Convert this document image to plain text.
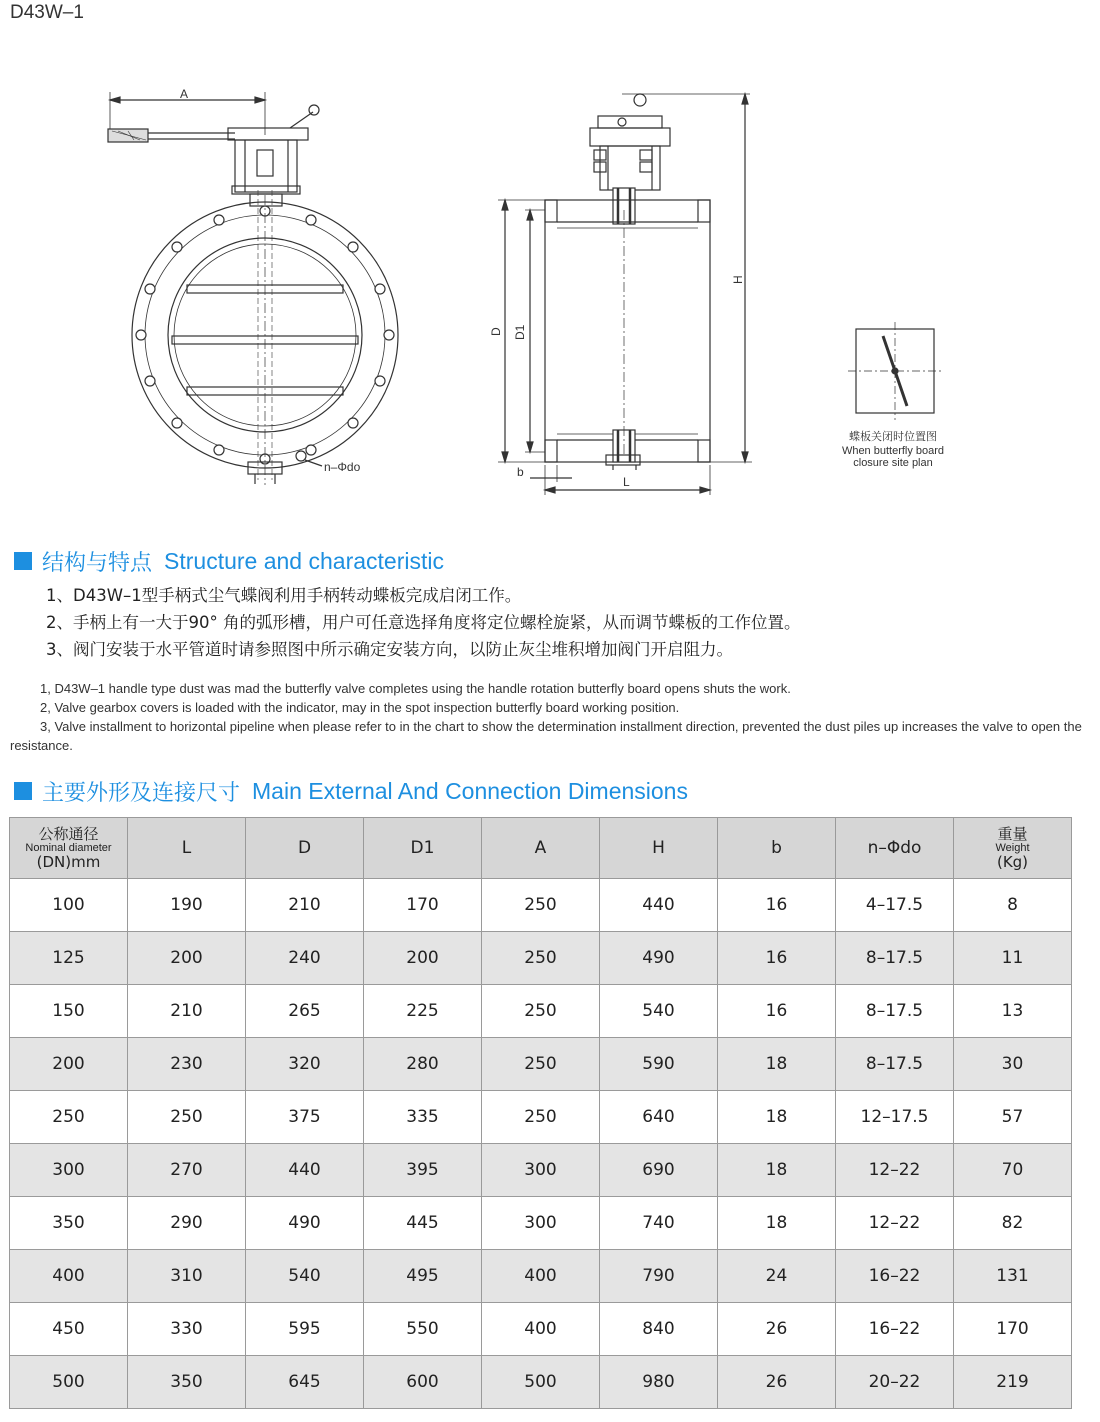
D43W–1
A
n–Φdo
D D1
H
b
L
蝶板关闭时位置图
When butterfly board
closure site plan
结构与特点 Structure and characteristic
1、D43W–1型手柄式尘气蝶阀利用手柄转动蝶板完成启闭工作。
2、手柄上有一大于90° 角的弧形槽，用户可任意选择角度将定位螺栓旋紧，从而调节蝶板的工作位置。
3、阀门安装于水平管道时请参照图中所示确定安装方向，以防止灰尘堆积增加阀门开启阻力。
1, D43W–1 handle type dust was mad the butterfly valve completes using the handle rotation butterfly board opens shuts the work.
2, Valve gearbox covers is loaded with the indicator, may in the spot inspection butterfly board working position.
3, Valve installment to horizontal pipeline when please refer to in the chart to show the determination installment direction, prevented the dust piles up increases the valve to open the resistance.
主要外形及连接尺寸 Main External And Connection Dimensions
公称通径
Nominal diameter
(DN)mm	L	D	D1	A	H	b	n–Φdo	重量
Weight
(Kg)

100	190	210	170	250	440	16	4–17.5	8
125	200	240	200	250	490	16	8–17.5	11
150	210	265	225	250	540	16	8–17.5	13
200	230	320	280	250	590	18	8–17.5	30
250	250	375	335	250	640	18	12–17.5	57
300	270	440	395	300	690	18	12–22	70
350	290	490	445	300	740	18	12–22	82
400	310	540	495	400	790	24	16–22	131
450	330	595	550	400	840	26	16–22	170
500	350	645	600	500	980	26	20–22	219
